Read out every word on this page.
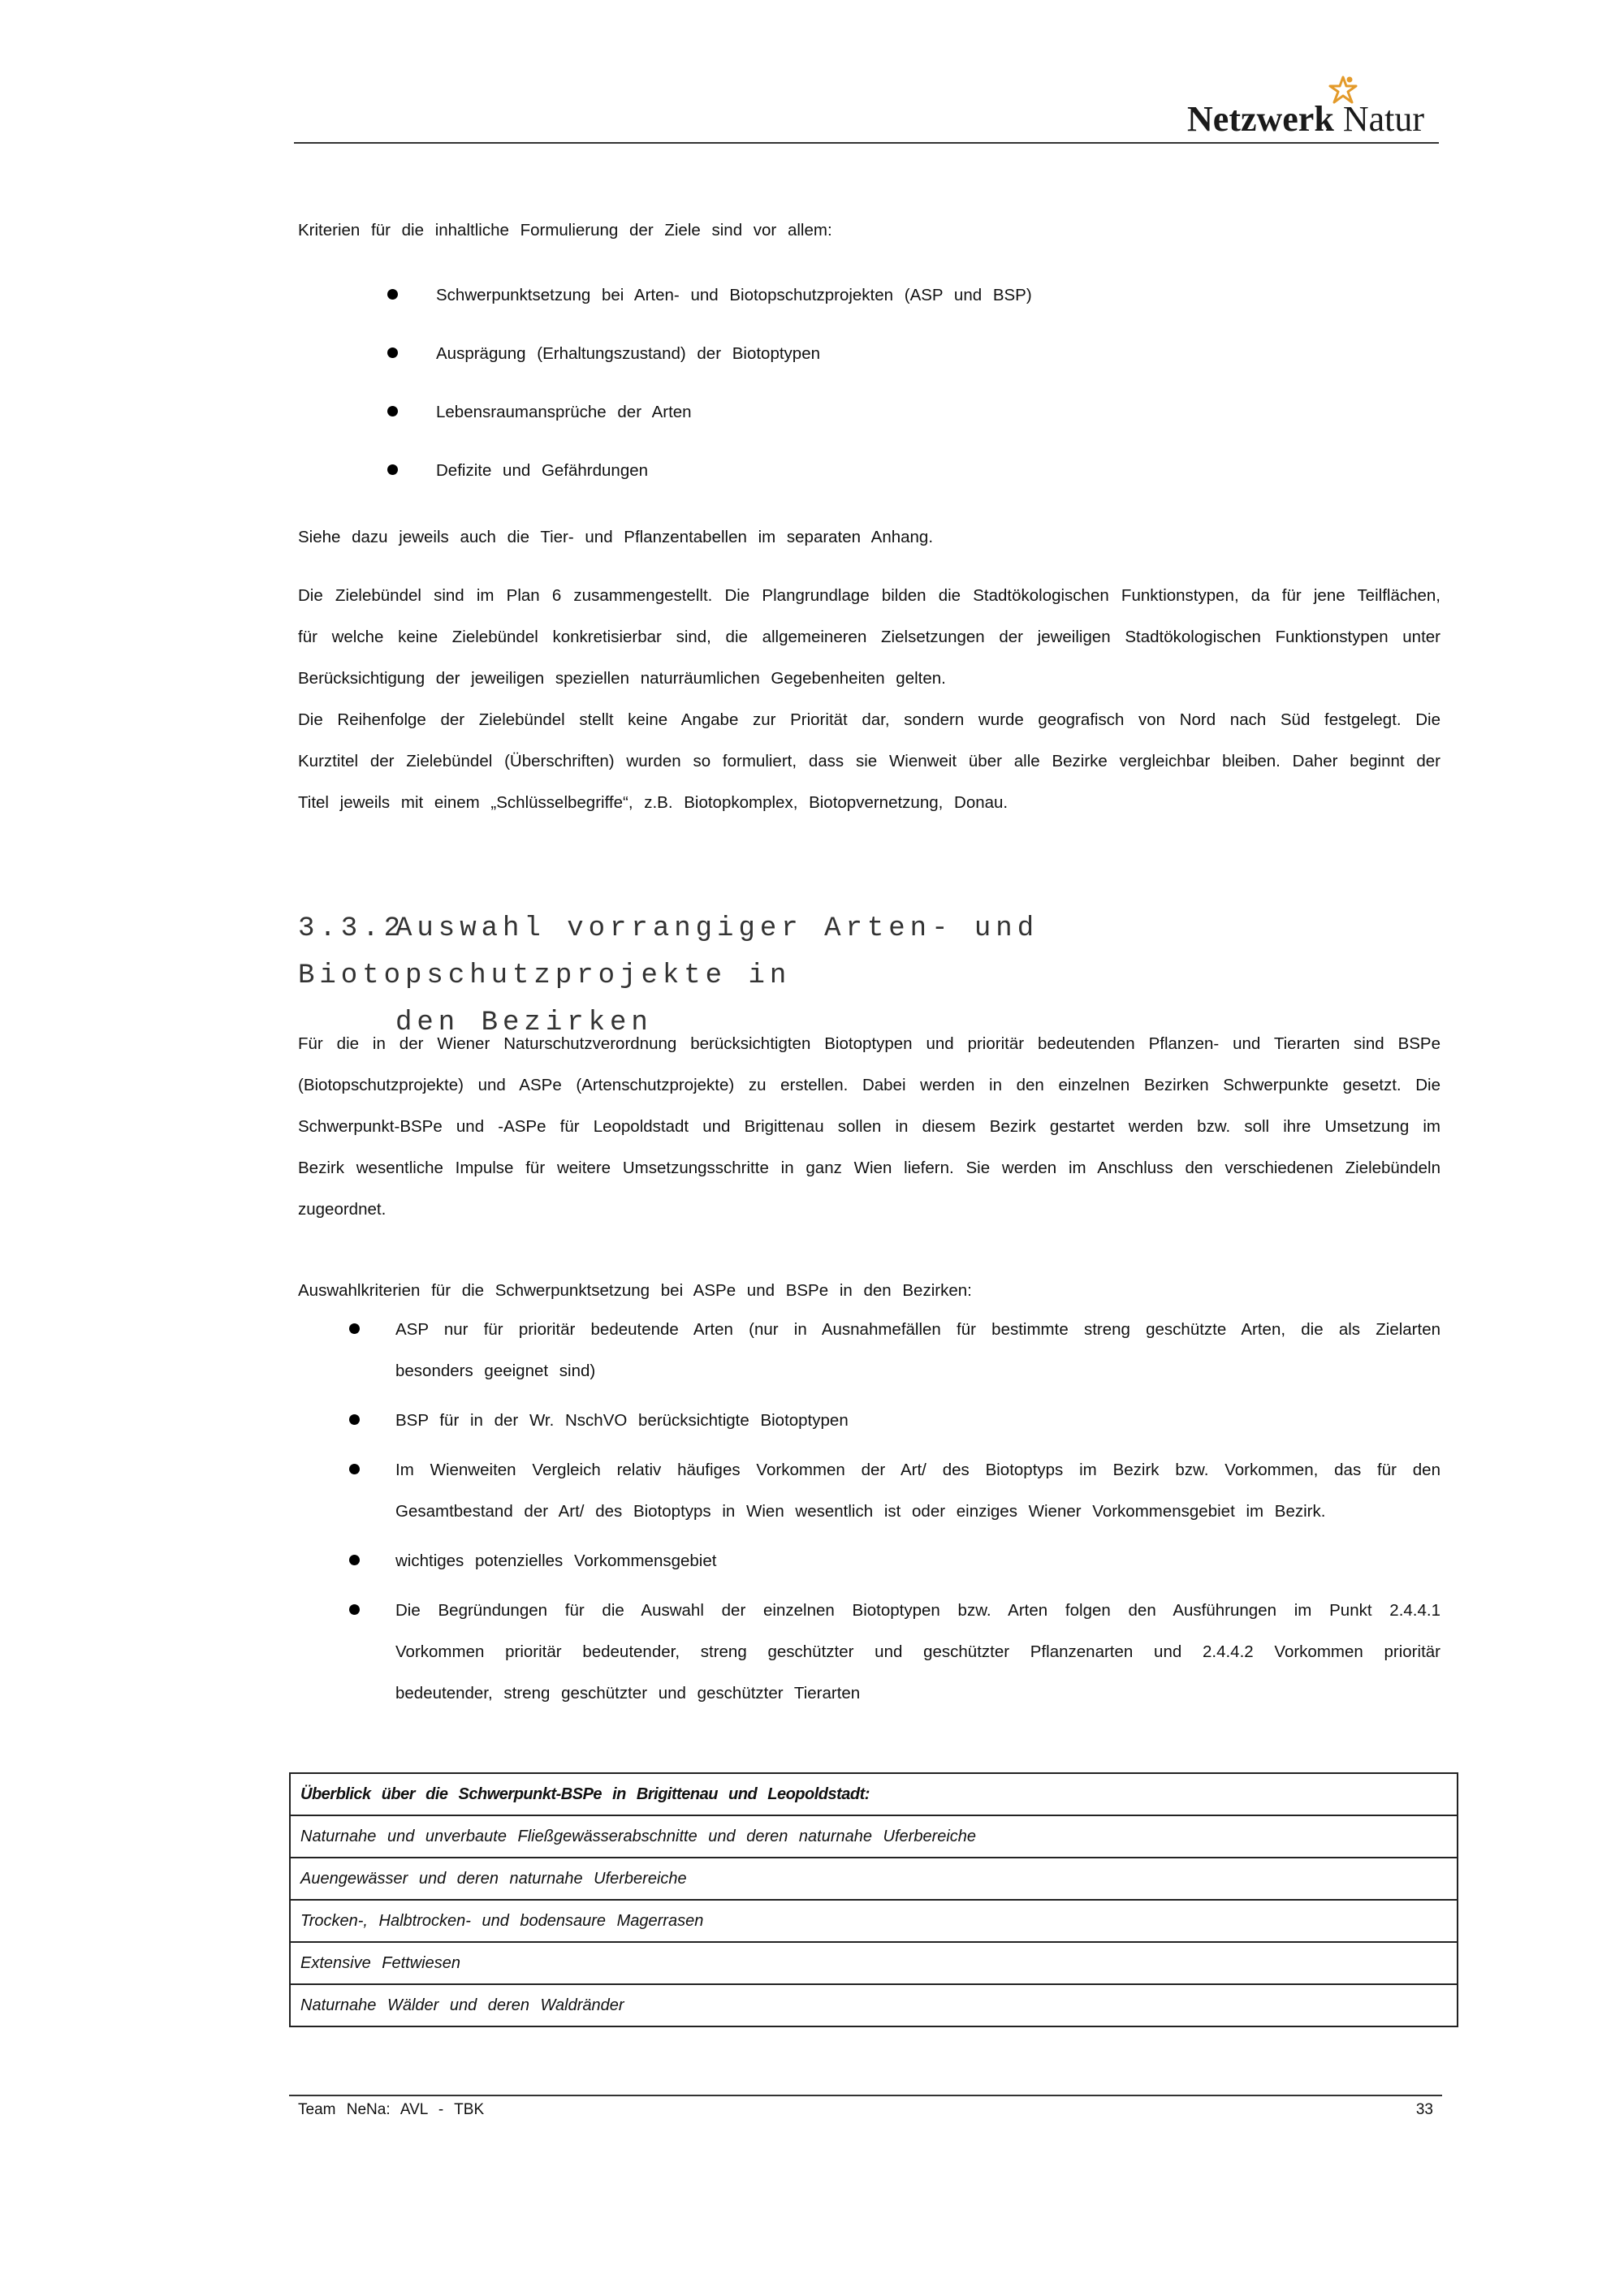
Netzwerk Natur
Kriterien für die inhaltliche Formulierung der Ziele sind vor allem:
Schwerpunktsetzung bei Arten- und Biotopschutzprojekten (ASP und BSP)
Ausprägung (Erhaltungszustand) der Biotoptypen
Lebensraumansprüche der Arten
Defizite und Gefährdungen
Siehe dazu jeweils auch die Tier- und Pflanzentabellen im separaten Anhang.
Die Zielebündel sind im Plan 6 zusammengestellt. Die Plangrundlage bilden die Stadtökologischen Funktionstypen, da für jene Teilflächen, für welche keine Zielebündel konkretisierbar sind, die allgemeineren Zielsetzungen der jeweiligen Stadtökologischen Funktionstypen unter Berücksichtigung der jeweiligen speziellen naturräumlichen Gegebenheiten gelten.
Die Reihenfolge der Zielebündel stellt keine Angabe zur Priorität dar, sondern wurde geografisch von Nord nach Süd festgelegt. Die Kurztitel der Zielebündel (Überschriften) wurden so formuliert, dass sie Wienweit über alle Bezirke vergleichbar bleiben. Daher beginnt der Titel jeweils mit einem „Schlüsselbegriffe“, z.B. Biotopkomplex, Biotopvernetzung, Donau.
3.3.2Auswahl vorrangiger Arten- und Biotopschutzprojekte in
den Bezirken
Für die in der Wiener Naturschutzverordnung berücksichtigten Biotoptypen und prioritär bedeutenden Pflanzen- und Tierarten sind BSPe (Biotopschutzprojekte) und ASPe (Artenschutzprojekte) zu erstellen. Dabei werden in den einzelnen Bezirken Schwerpunkte gesetzt. Die Schwerpunkt-BSPe und -ASPe für Leopoldstadt und Brigittenau sollen in diesem Bezirk gestartet werden bzw. soll ihre Umsetzung im Bezirk wesentliche Impulse für weitere Umsetzungsschritte in ganz Wien liefern. Sie werden im Anschluss den verschiedenen Zielebündeln zugeordnet.
Auswahlkriterien für die Schwerpunktsetzung bei ASPe und BSPe in den Bezirken:
ASP nur für prioritär bedeutende Arten (nur in Ausnahmefällen für bestimmte streng geschützte Arten, die als Zielarten besonders geeignet sind)
BSP für in der Wr. NschVO berücksichtigte Biotoptypen
Im Wienweiten Vergleich relativ häufiges Vorkommen der Art/ des Biotoptyps im Bezirk bzw. Vorkommen, das für den Gesamtbestand der Art/ des Biotoptyps in Wien wesentlich ist oder einziges Wiener Vorkommensgebiet im Bezirk.
wichtiges potenzielles Vorkommensgebiet
Die Begründungen für die Auswahl der einzelnen Biotoptypen bzw. Arten folgen den Ausführungen im Punkt 2.4.4.1 Vorkommen prioritär bedeutender, streng geschützter und geschützter Pflanzenarten und 2.4.4.2 Vorkommen prioritär bedeutender, streng geschützter und geschützter Tierarten
Überblick über die Schwerpunkt-BSPe in Brigittenau und Leopoldstadt:
Naturnahe und unverbaute Fließgewässerabschnitte und deren naturnahe Uferbereiche
Auengewässer und deren naturnahe Uferbereiche
Trocken-, Halbtrocken- und bodensaure Magerrasen
Extensive Fettwiesen
Naturnahe Wälder und deren Waldränder
Team NeNa: AVL - TBK	33
